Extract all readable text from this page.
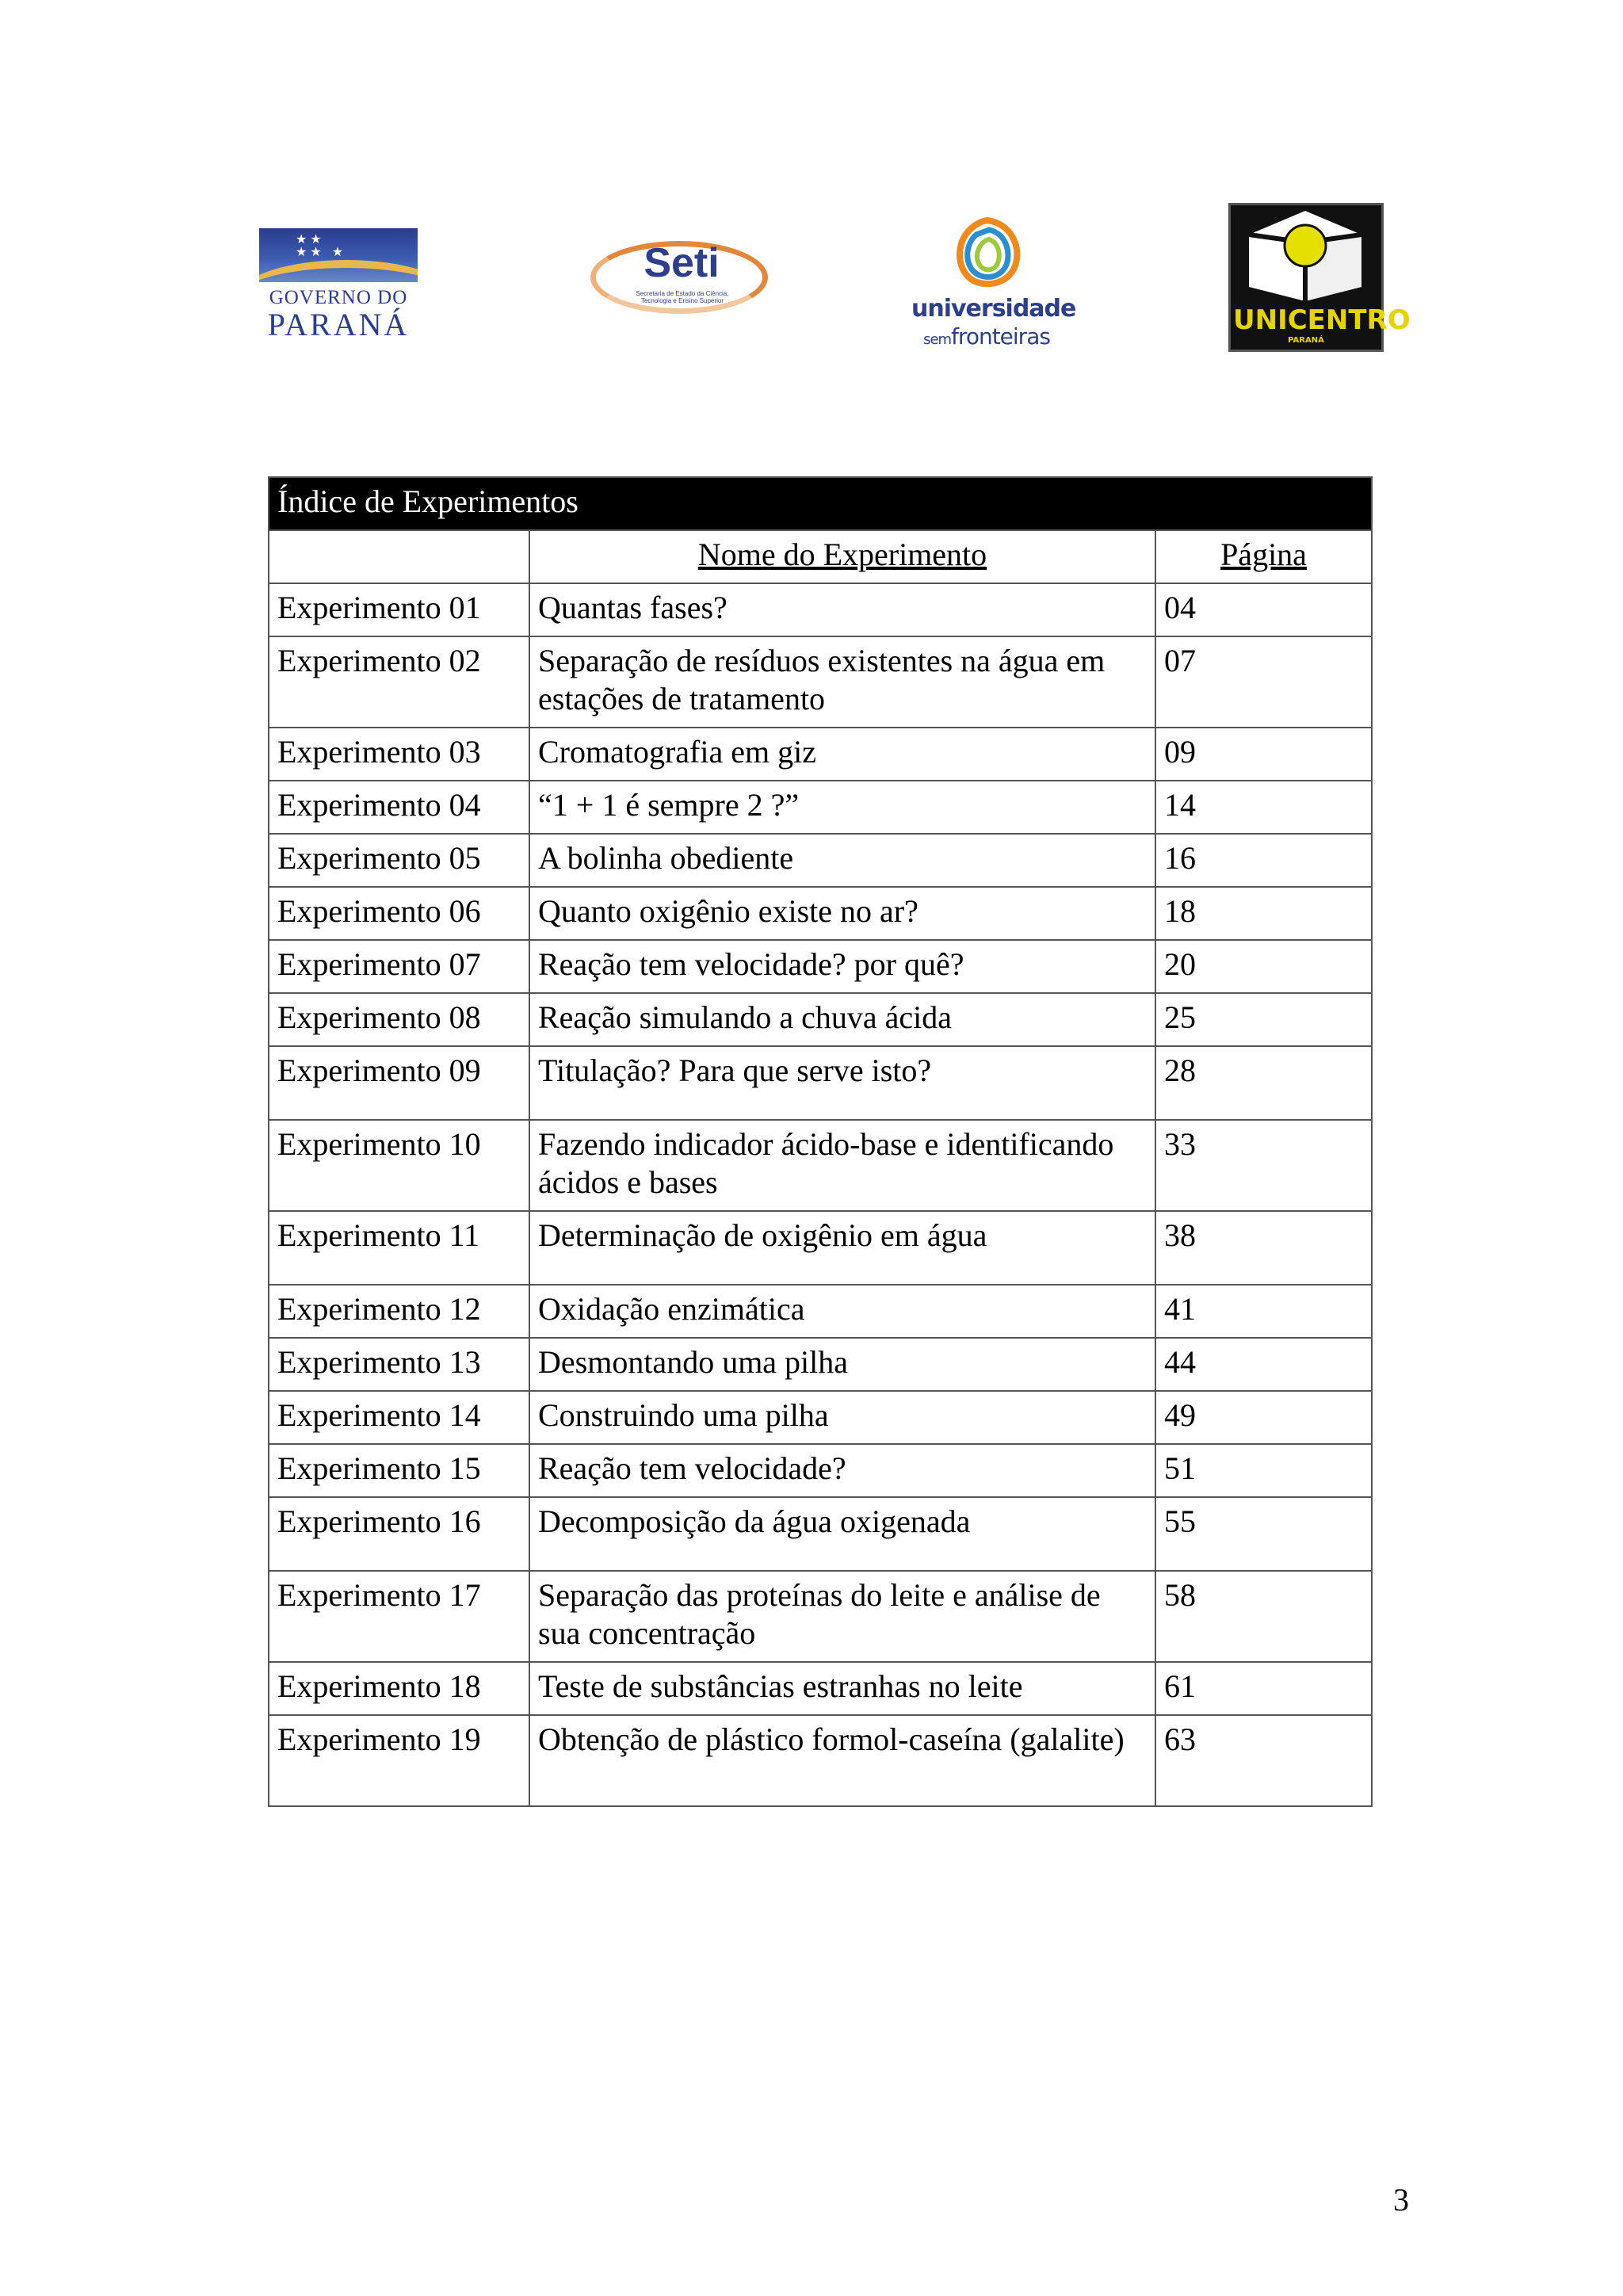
★★
★★ ★
GOVERNO DO
PARANÁ
Seti
Secretaria de Estado da Ciência, Tecnologia e Ensino Superior	universidade
semfronteiras
UNICENTRO
PARANÁ
Índice de Experimentos		
	Nome do Experimento	Página
Experimento 01	Quantas fases?	04
Experimento 02	Separação de resíduos existentes na água em estações de tratamento	07
Experimento 03	Cromatografia em giz	09
Experimento 04	“1 + 1 é sempre 2 ?”	14
Experimento 05	A bolinha obediente	16
Experimento 06	Quanto oxigênio existe no ar?	18
Experimento 07	Reação tem velocidade? por quê?	20
Experimento 08	Reação simulando a chuva ácida	25
Experimento 09	Titulação? Para que serve isto?	28
Experimento 10	Fazendo indicador ácido-base e identificando ácidos e bases	33
Experimento 11	Determinação de oxigênio em água	38
Experimento 12	Oxidação enzimática	41
Experimento 13	Desmontando uma pilha	44
Experimento 14	Construindo uma pilha	49
Experimento 15	Reação tem velocidade?	51
Experimento 16	Decomposição da água oxigenada	55
Experimento 17	Separação das proteínas do leite e análise de sua concentração	58
Experimento 18	Teste de substâncias estranhas no leite	61
Experimento 19	Obtenção de plástico formol-caseína (galalite)	63
3
